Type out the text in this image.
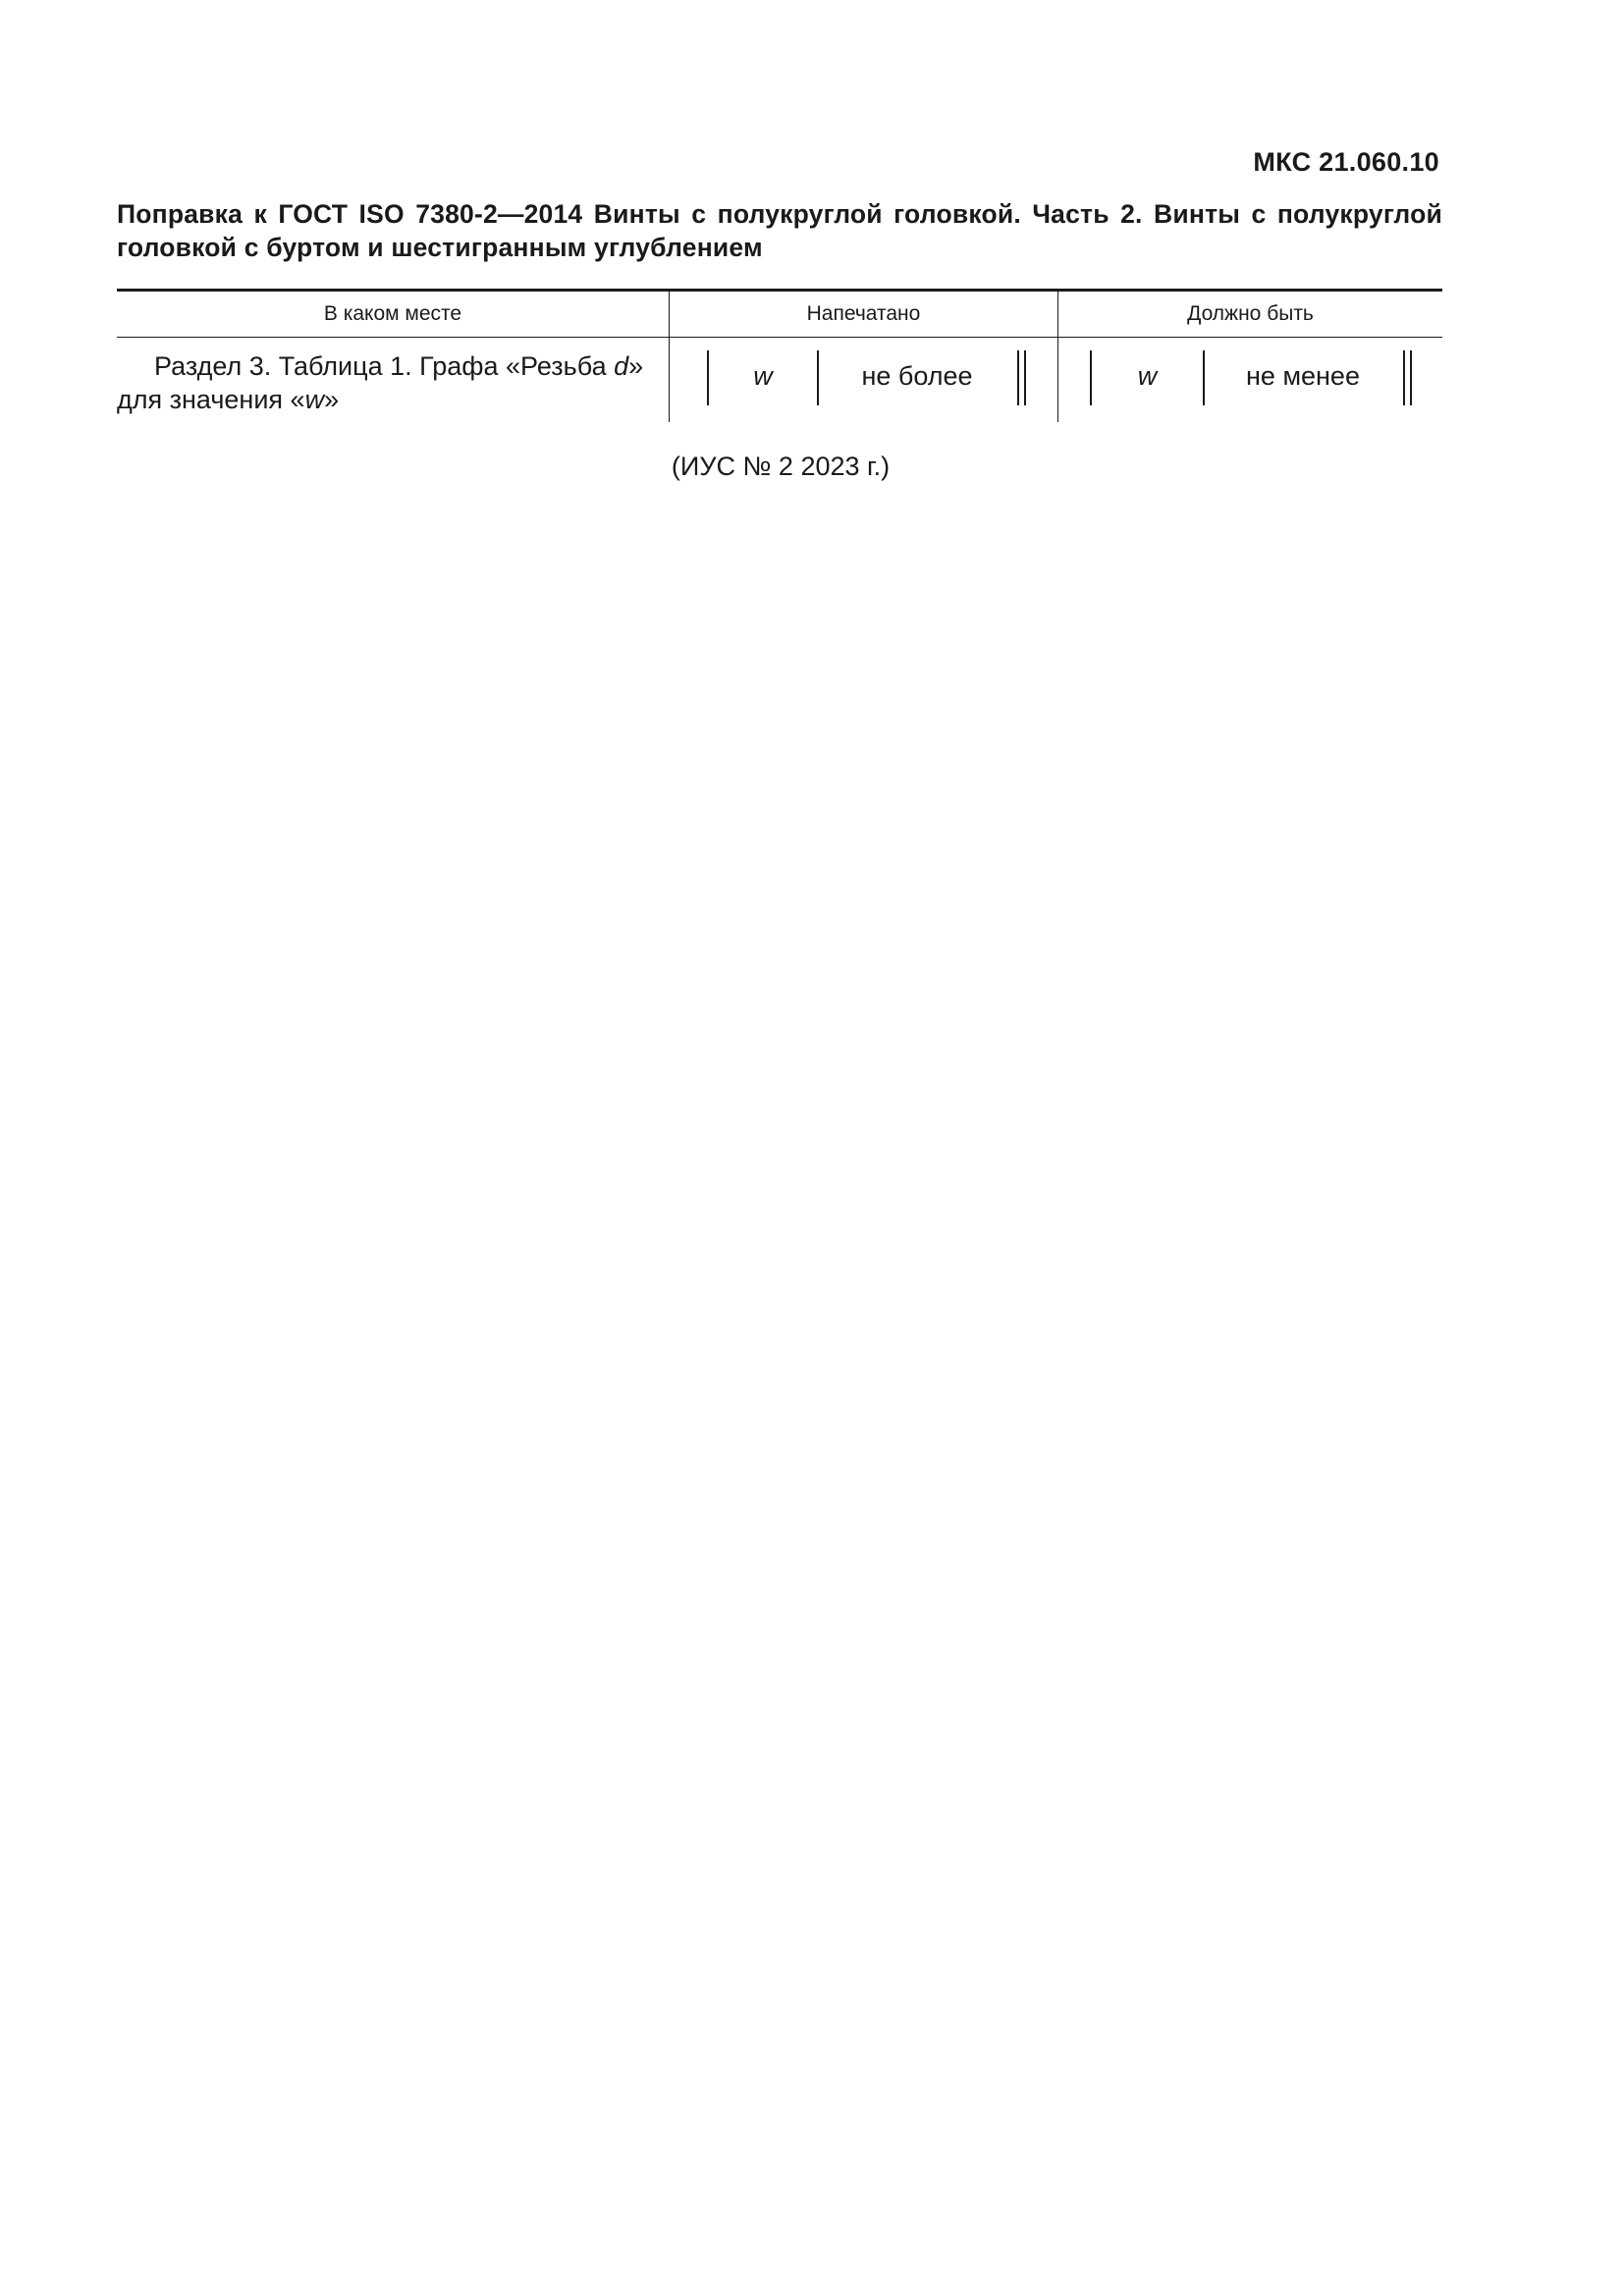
МКС 21.060.10
Поправка к ГОСТ ISO 7380-2—2014 Винты с полукруглой головкой. Часть 2. Винты с полукруглой головкой с буртом и шестигранным углублением
В каком месте	Напечатано	Должно быть

Раздел 3. Таблица 1. Графа «Резьба d» для значения «w»	w не более	w не менее
(ИУС № 2 2023 г.)
